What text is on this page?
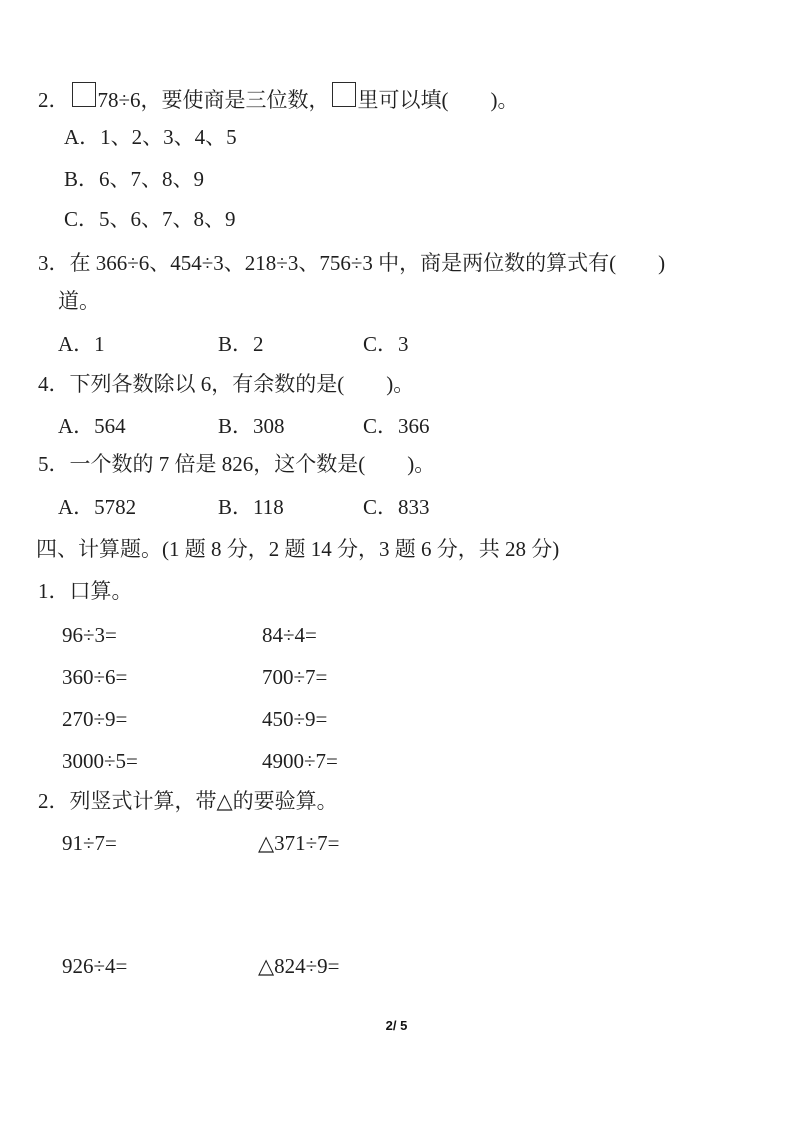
2． 78÷6，要使商是三位数， 里可以填(　　)。
A．1、2、3、4、5
B．6、7、8、9
C．5、6、7、8、9
3．在 366÷6、454÷3、218÷3、756÷3 中，商是两位数的算式有(　　)
道。
A．1	B．2	C．3
4．下列各数除以 6，有余数的是(　　)。
A．564	B．308	C．366
5．一个数的 7 倍是 826，这个数是(　　)。
A．5782	B．118	C．833
四、计算题。(1 题 8 分，2 题 14 分，3 题 6 分，共 28 分)
1．口算。
96÷3=	84÷4=
360÷6=	700÷7=
270÷9=	450÷9=
3000÷5=	4900÷7=
2．列竖式计算，带△的要验算。
91÷7=	△371÷7=
926÷4=	△824÷9=
2/ 5
